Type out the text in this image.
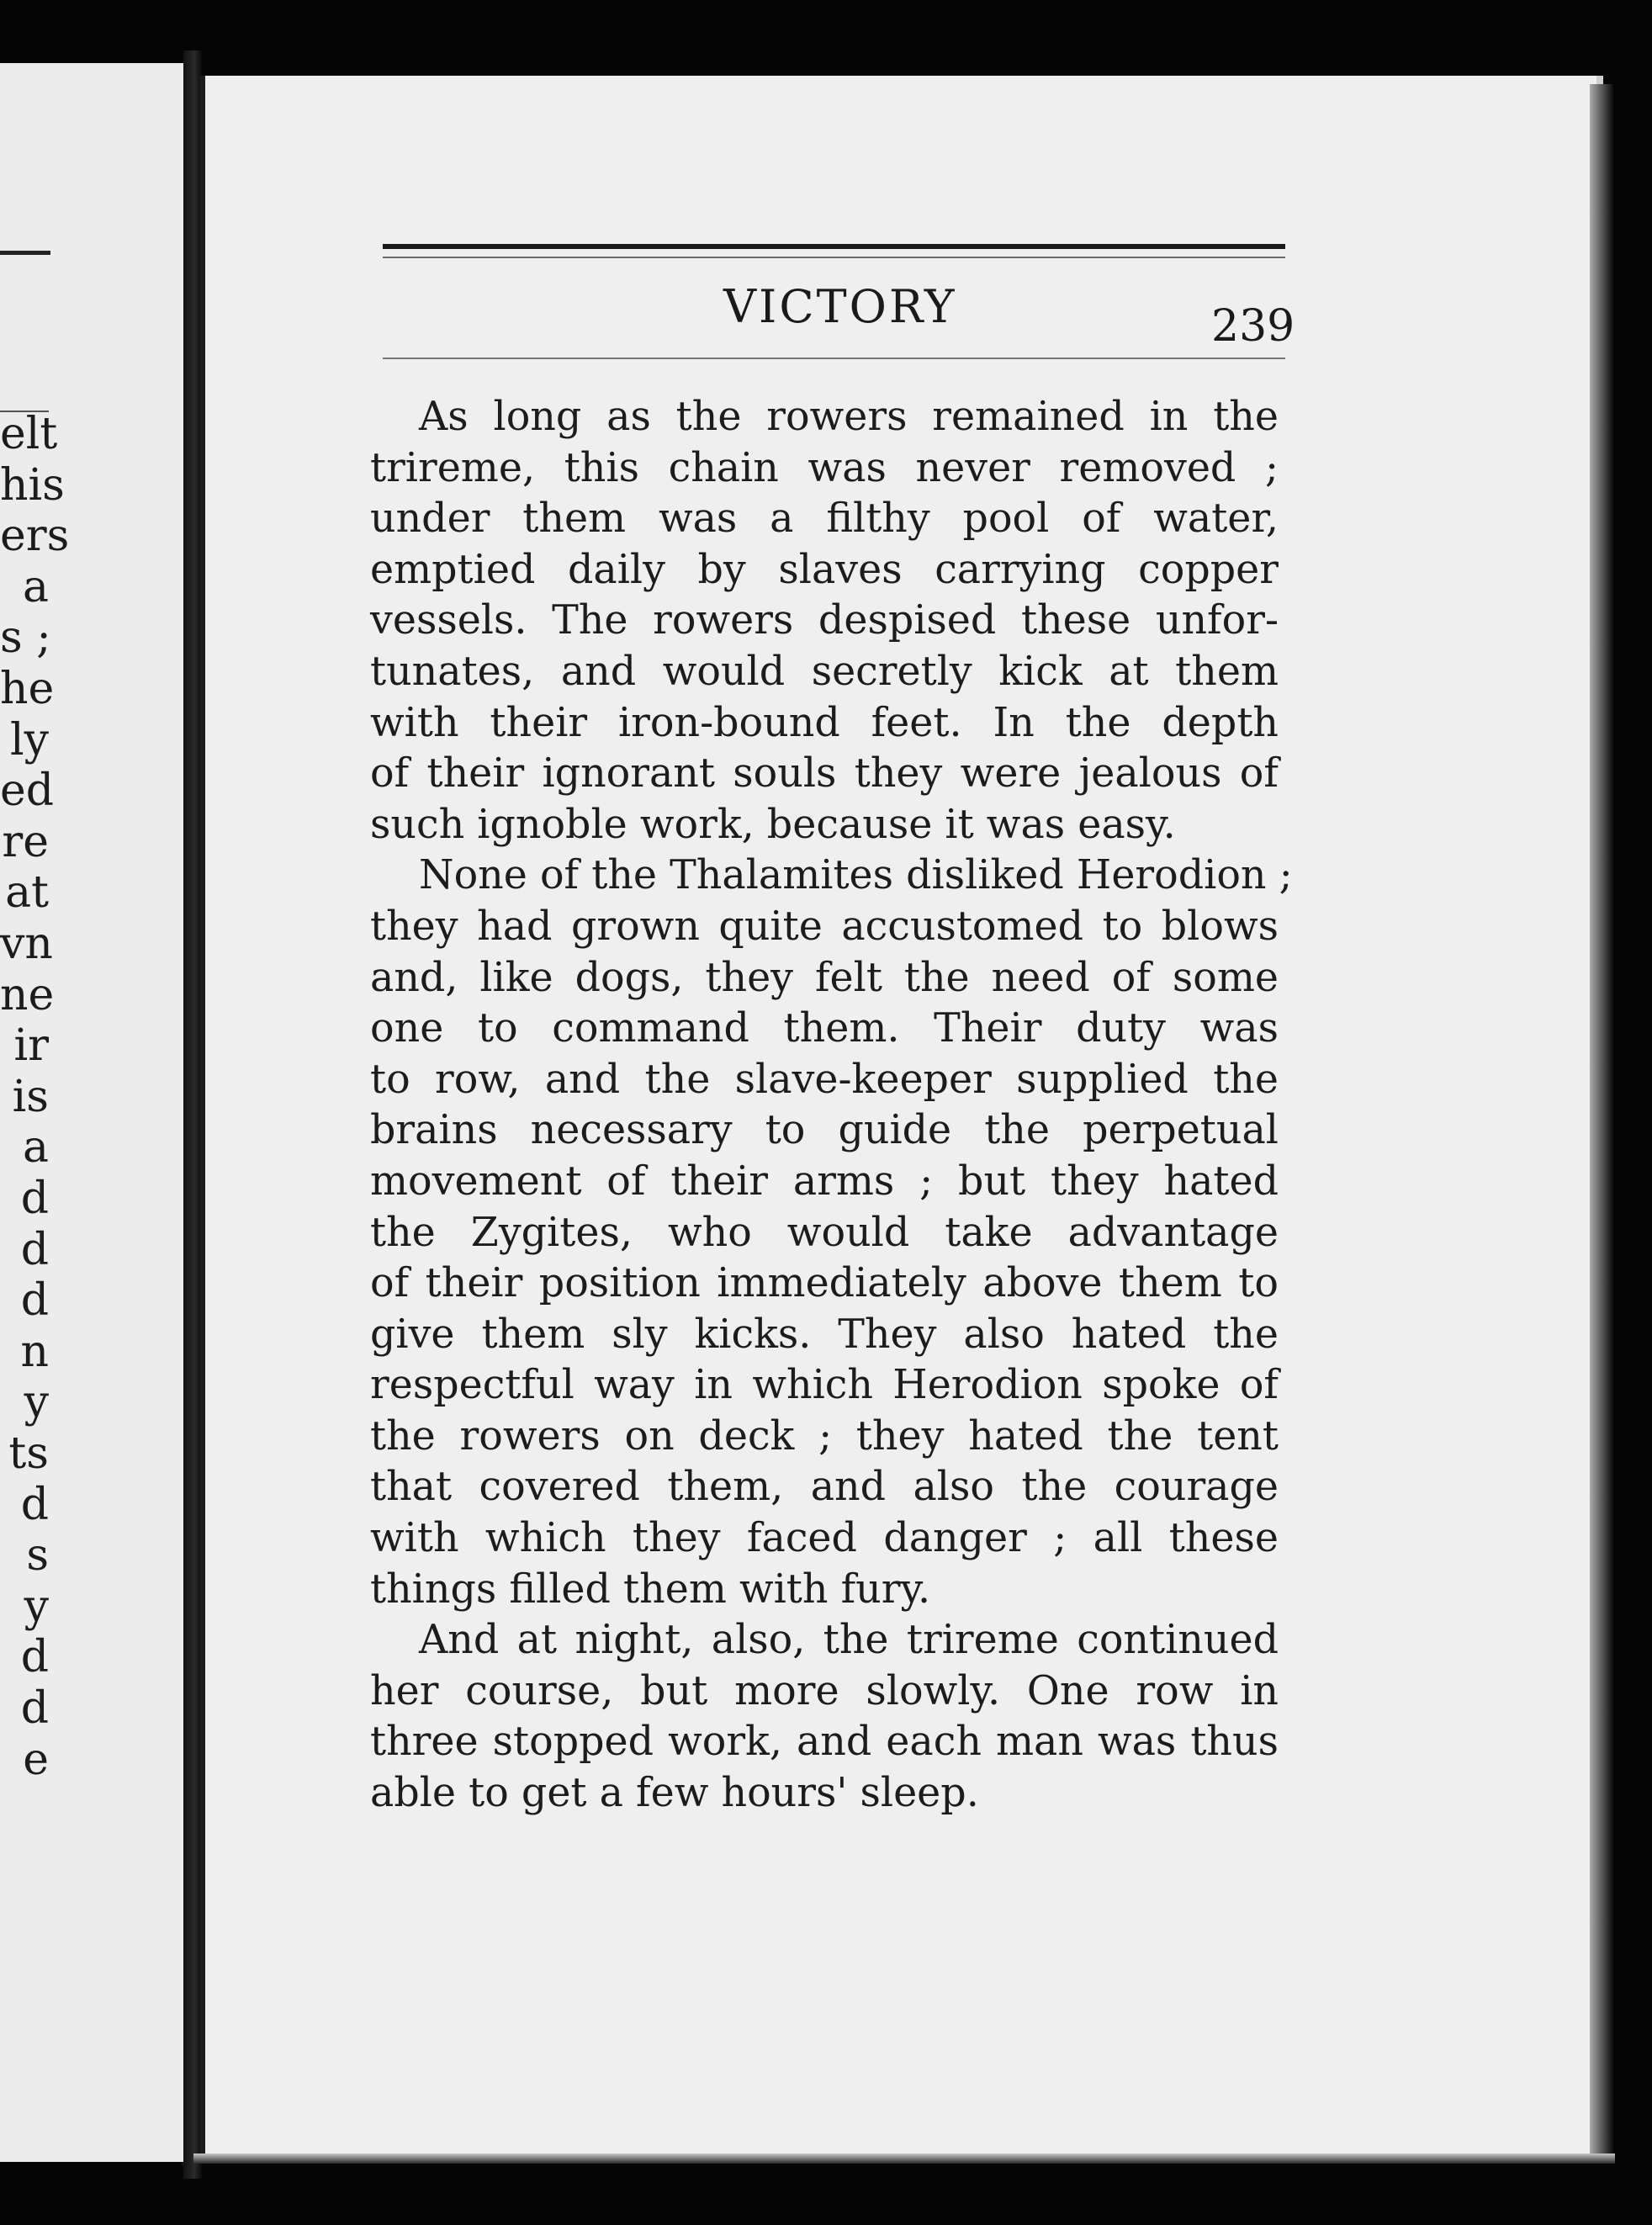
elt
his
ers
a
s ;
he
ly
ed
re
at
vn
ne
ir
is
a
d
d
d
n
y
ts
d
s
y
d
d
e
VICTORY	239
As long as the rowers remained in the
trireme, this chain was never removed ;
under them was a filthy pool of water,
emptied daily by slaves carrying copper
vessels. The rowers despised these unfor-
tunates, and would secretly kick at them
with their iron-bound feet. In the depth
of their ignorant souls they were jealous of
such ignoble work, because it was easy.
None of the Thalamites disliked Herodion ;
they had grown quite accustomed to blows
and, like dogs, they felt the need of some
one to command them. Their duty was
to row, and the slave-keeper supplied the
brains necessary to guide the perpetual
movement of their arms ; but they hated
the Zygites, who would take advantage
of their position immediately above them to
give them sly kicks. They also hated the
respectful way in which Herodion spoke of
the rowers on deck ; they hated the tent
that covered them, and also the courage
with which they faced danger ; all these
things filled them with fury.
And at night, also, the trireme continued
her course, but more slowly. One row in
three stopped work, and each man was thus
able to get a few hours' sleep.
